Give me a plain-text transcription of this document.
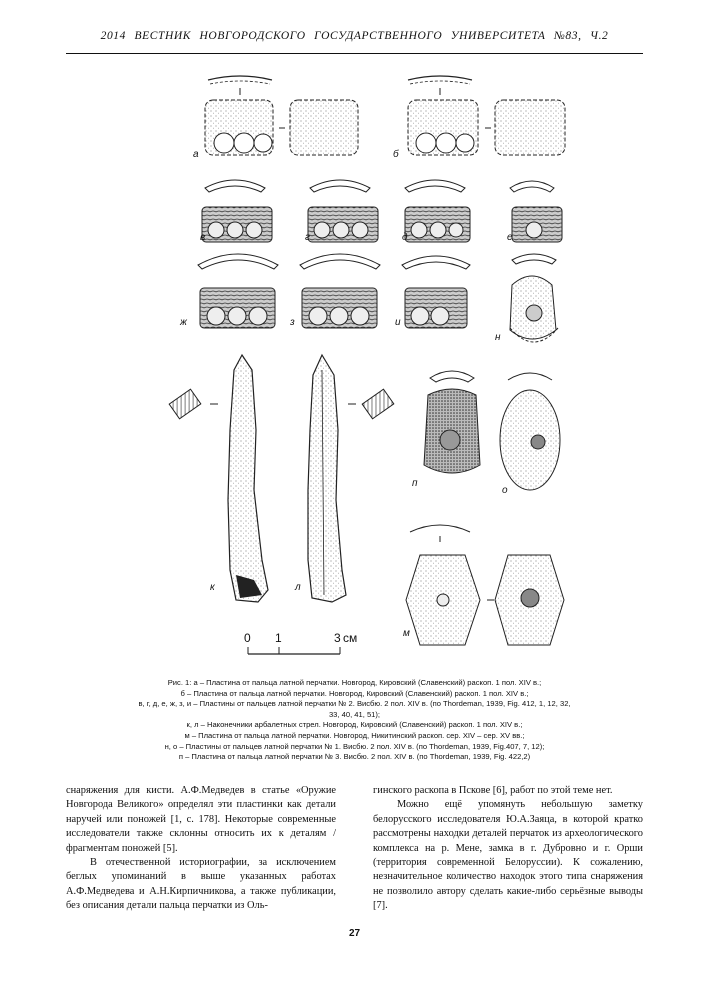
2014 ВЕСТНИК НОВГОРОДСКОГО ГОСУДАРСТВЕННОГО УНИВЕРСИТЕТА №83, Ч.2
а	б
в	г	д	е
ж	з	и
н
к	л
п
о
м
0 1	3 см
Рис. 1: а – Пластина от пальца латной перчатки. Новгород, Кировский (Славенский) раскоп. 1 пол. XIV в.;
б – Пластина от пальца латной перчатки. Новгород, Кировский (Славенский) раскоп. 1 пол. XIV в.;
в, г, д, е, ж, з, и – Пластины от пальцев латной перчатки № 2. Висбю. 2 пол. XIV в. (по Thordeman, 1939, Fig. 412, 1, 12, 32,
33, 40, 41, 51);
к, л – Наконечники арбалетных стрел. Новгород, Кировский (Славенский) раскоп. 1 пол. XIV в.;
м – Пластина от пальца латной перчатки. Новгород, Никитинский раскоп. сер. XIV – сер. XV вв.;
н, о – Пластины от пальцев латной перчатки № 1. Висбю. 2 пол. XIV в. (по Thordeman, 1939, Fig.407, 7, 12);
п – Пластина от пальца латной перчатки № 3. Висбю. 2 пол. XIV в. (по Thordeman, 1939, Fig. 422,2)

снаряжения для кисти. А.Ф.Медведев в статье «Оружие Новгорода Великого» определял эти пластинки как детали наручей или поножей [1, с. 178]. Некоторые современные исследователи также склонны относить их к деталям / фрагментам поножей [5].

В отечественной историографии, за исключением беглых упоминаний в выше указанных работах А.Ф.Медведева и А.Н.Кирпичникова, а также публикации, без описания детали пальца перчатки из Оль-

гинского раскопа в Пскове [6], работ по этой теме нет.

Можно ещё упомянуть небольшую заметку белорусского исследователя Ю.А.Заяца, в которой кратко рассмотрены находки деталей перчаток из археологического комплекса на р. Мене, замка в г. Дубровно и г. Орши (территория современной Белоруссии). К сожалению, незначительное количество находок этого типа снаряжения не позволило автору сделать какие-либо серьёзные выводы [7].

27
